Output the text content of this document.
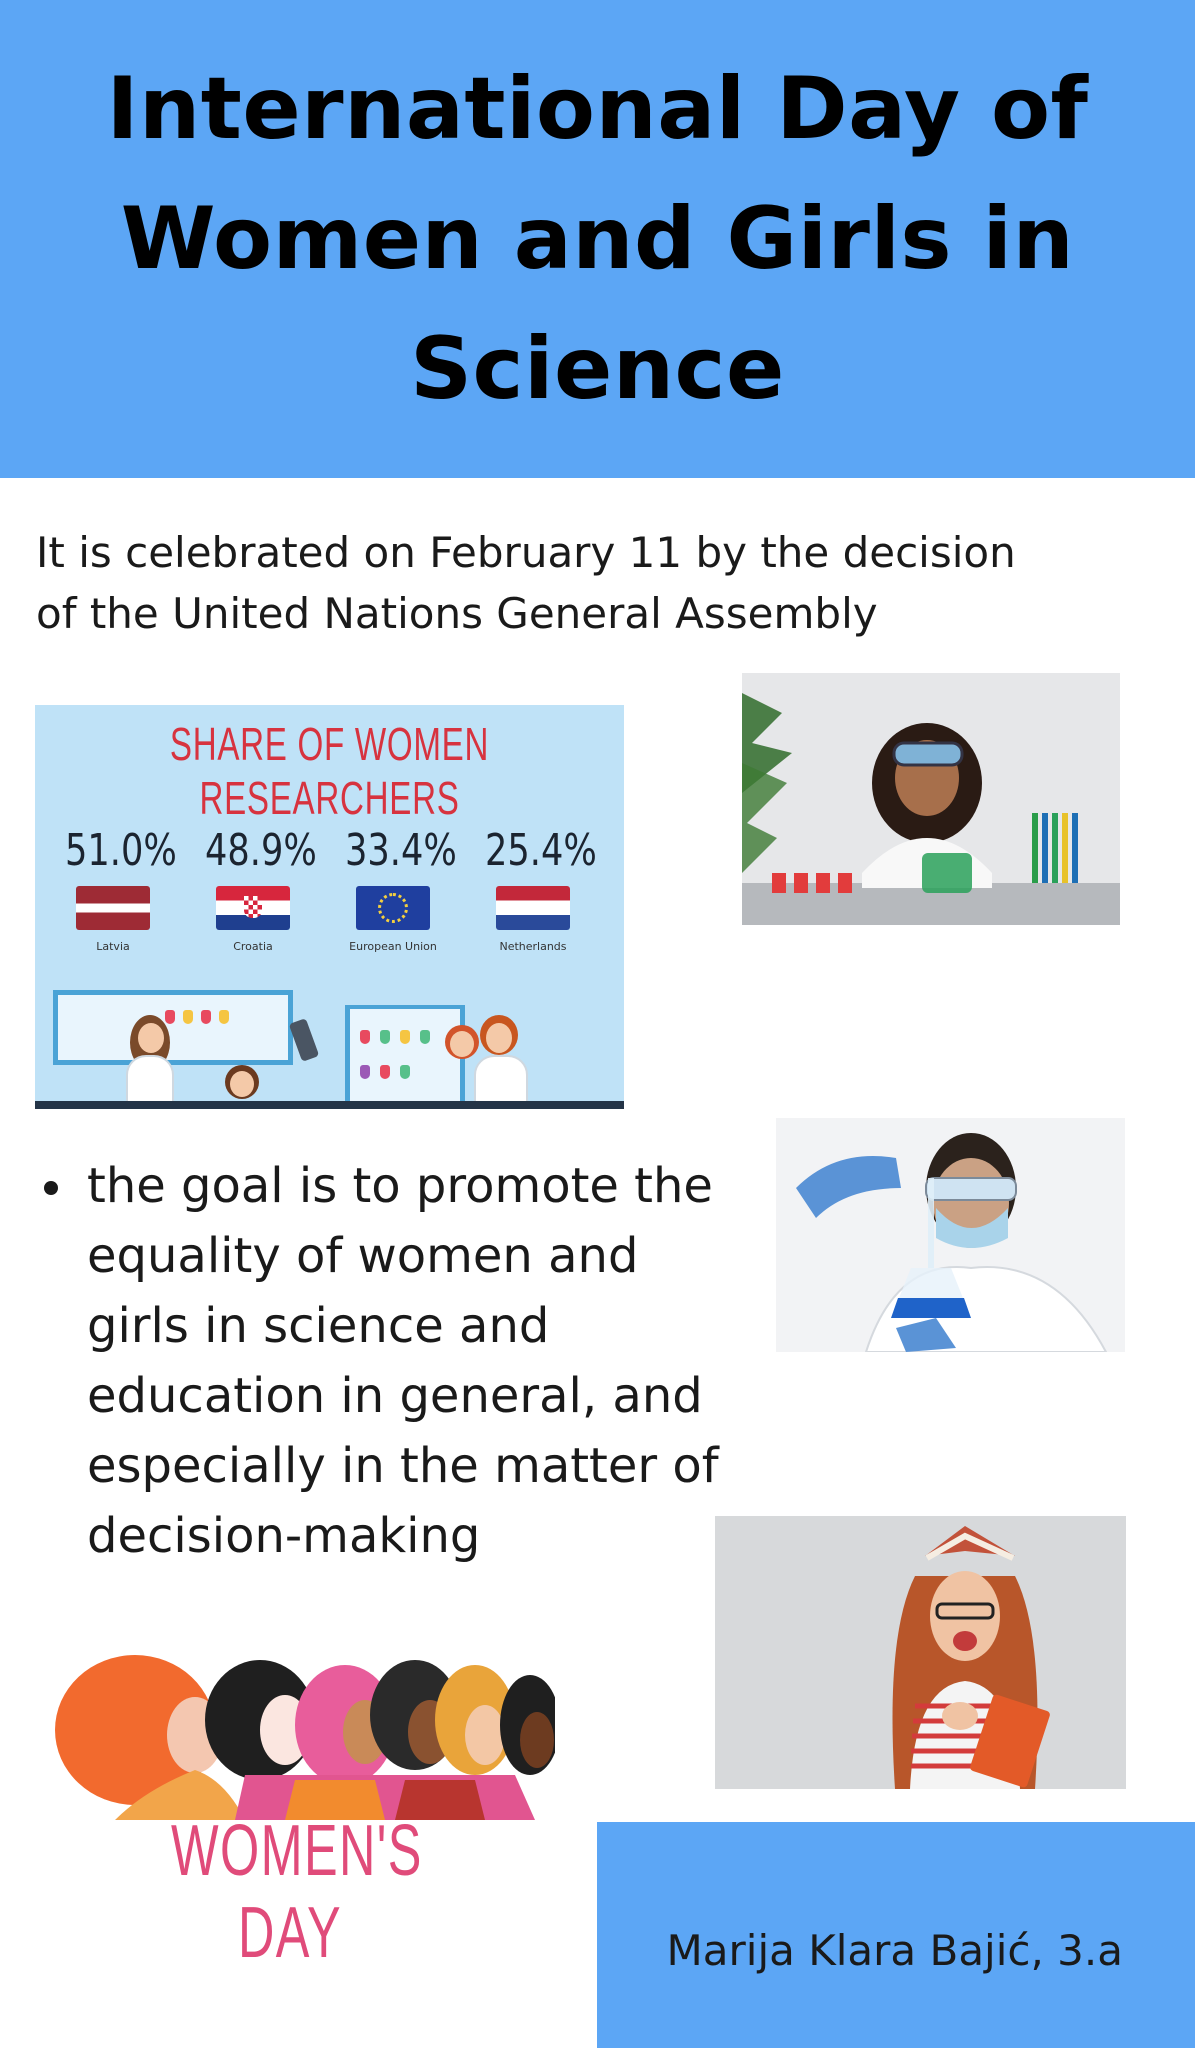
International Day of Women and Girls in Science
It is celebrated on February 11 by the decision
of the United Nations General Assembly
SHARE OF WOMEN RESEARCHERS
51.0%
Latvia
48.9%
Croatia
33.4%
European Union
25.4%
Netherlands
the goal is to promote the equality of women and girls in science and education in general, and especially in the matter of decision-making
WOMEN'S DAY	Marija Klara Bajić, 3.a
